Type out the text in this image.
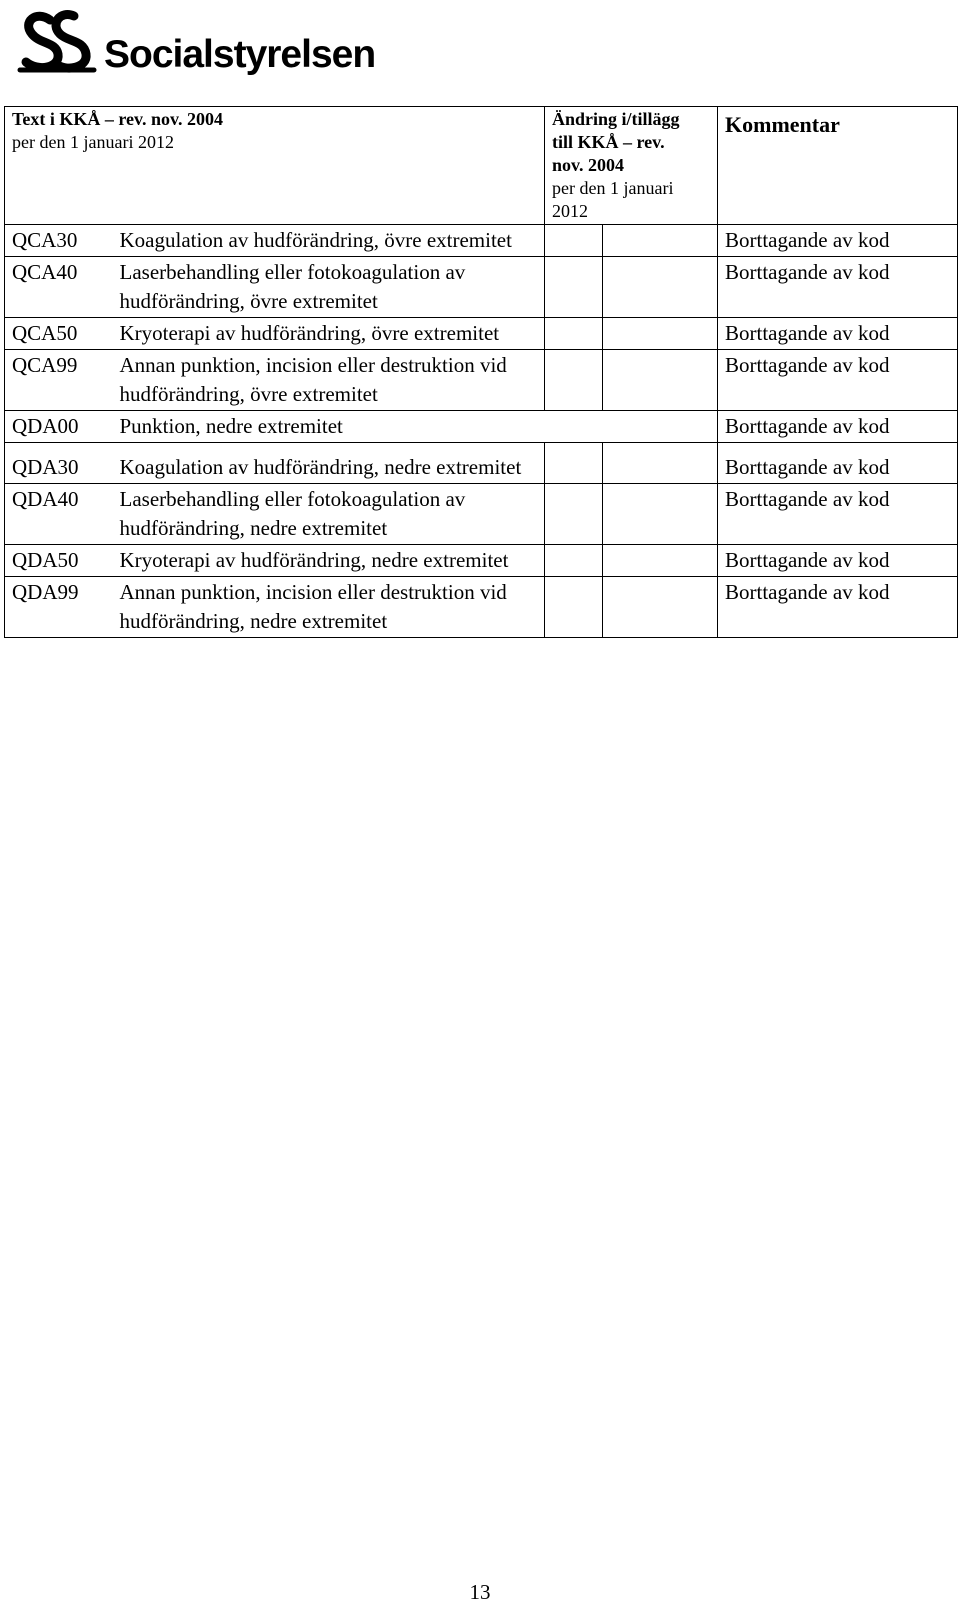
Socialstyrelsen
Text i KKÅ – rev. nov. 2004
per den 1 januari 2012		Ändring i/tillägg
till KKÅ – rev.
nov. 2004
per den 1 januari
2012		Kommentar

QCA30	Koagulation av hudförändring, övre extremitet			Borttagande av kod
QCA40	Laserbehandling eller fotokoagulation av hudförändring, övre extremitet			Borttagande av kod
QCA50	Kryoterapi av hudförändring, övre extremitet			Borttagande av kod
QCA99	Annan punktion, incision eller destruktion vid hudförändring, övre extremitet			Borttagande av kod
QDA00	Punktion, nedre extremitet			Borttagande av kod
QDA30	Koagulation av hudförändring, nedre extremitet			Borttagande av kod
QDA40	Laserbehandling eller fotokoagulation av hudförändring, nedre extremitet			Borttagande av kod
QDA50	Kryoterapi av hudförändring, nedre extremitet			Borttagande av kod
QDA99	Annan punktion, incision eller destruktion vid hudförändring, nedre extremitet			Borttagande av kod
13
